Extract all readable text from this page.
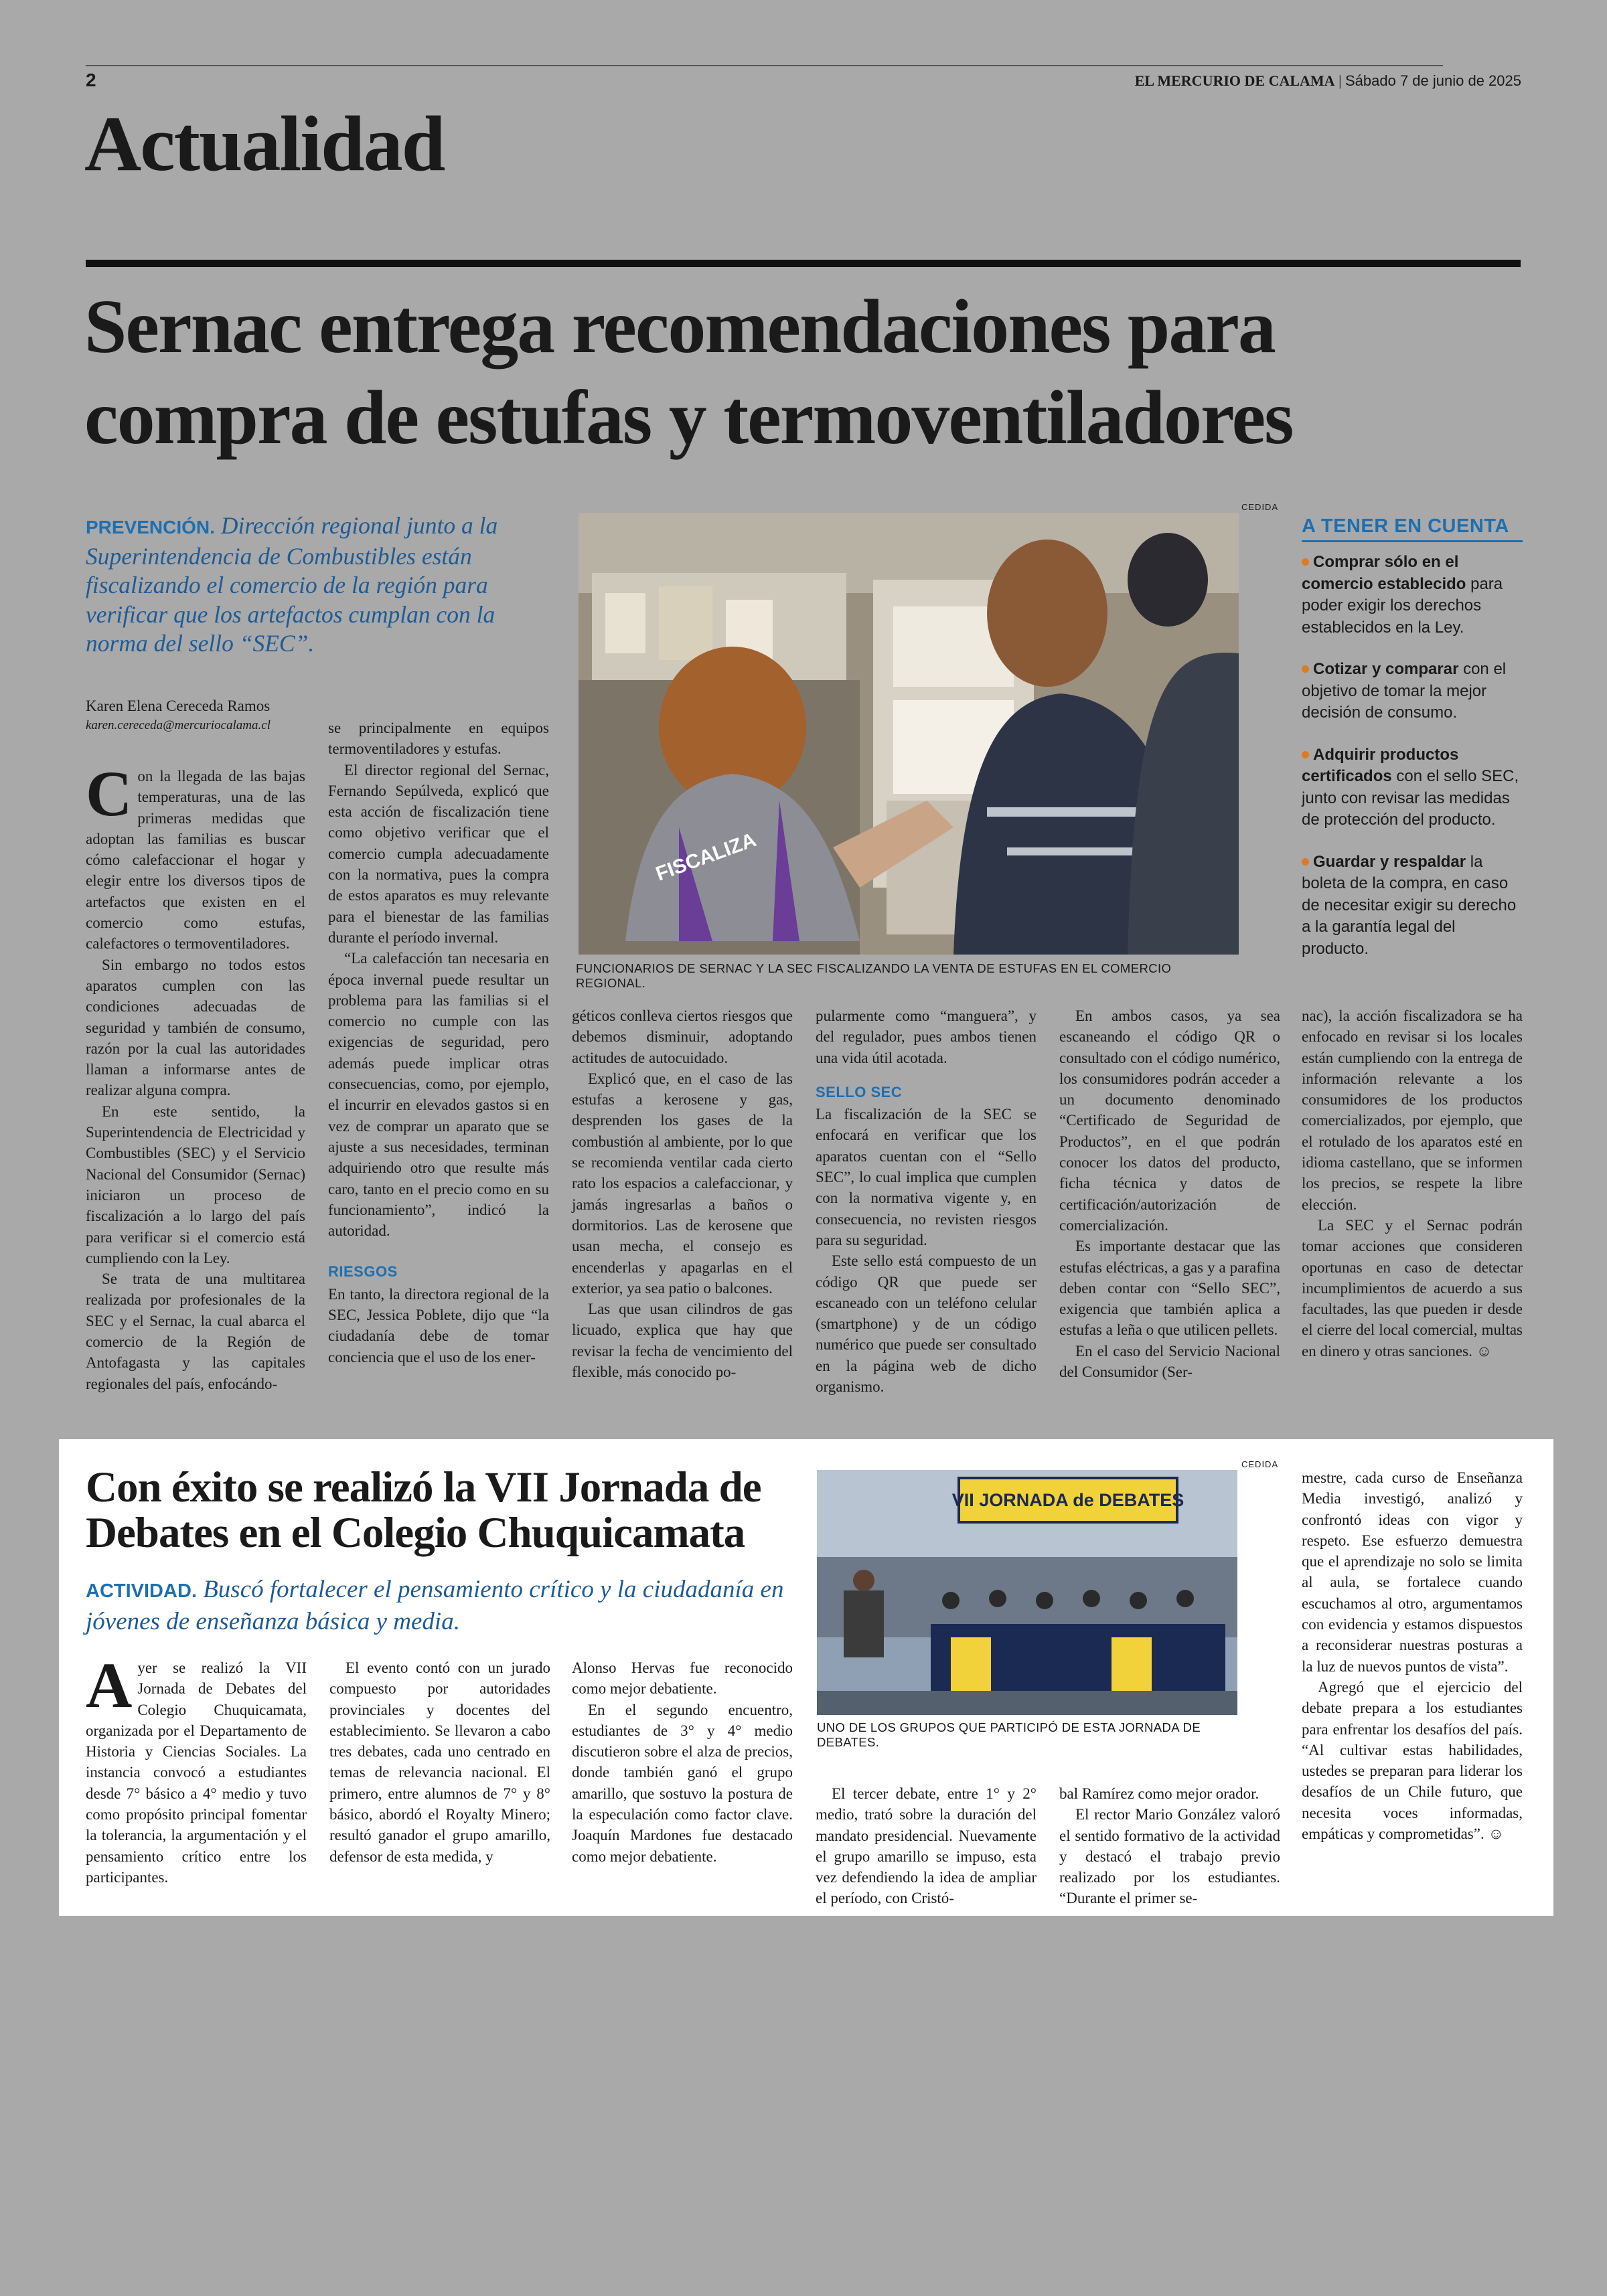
2	EL MERCURIO DE CALAMA | Sábado 7 de junio de 2025
Actualidad
Sernac entrega recomendaciones para
compra de estufas y termoventiladores
PREVENCIÓN. Dirección regional junto a la Superintendencia de Combustibles están fiscalizando el comercio de la región para verificar que los artefactos cumplan con la norma del sello “SEC”.
Karen Elena Cereceda Ramos
karen.cereceda@mercuriocalama.cl

Con la llegada de las bajas temperaturas, una de las primeras medidas que adoptan las familias es buscar cómo calefaccionar el hogar y elegir entre los diversos tipos de artefactos que existen en el comercio como estufas, calefactores o termoventiladores.

Sin embargo no todos estos aparatos cumplen con las condiciones adecuadas de seguridad y también de consumo, razón por la cual las autoridades llaman a informarse antes de realizar alguna compra.

En este sentido, la Superintendencia de Electricidad y Combustibles (SEC) y el Servicio Nacional del Consumidor (Sernac) iniciaron un proceso de fiscalización a lo largo del país para verificar si el comercio está cumpliendo con la Ley.

Se trata de una multitarea realizada por profesionales de la SEC y el Sernac, la cual abarca el comercio de la Región de Antofagasta y las capitales regionales del país, enfocándo-

se principalmente en equipos termoventiladores y estufas.

El director regional del Sernac, Fernando Sepúlveda, explicó que esta acción de fiscalización tiene como objetivo verificar que el comercio cumpla adecuadamente con la normativa, pues la compra de estos aparatos es muy relevante para el bienestar de las familias durante el período invernal.

“La calefacción tan necesaria en época invernal puede resultar un problema para las familias si el comercio no cumple con las exigencias de seguridad, pero además puede implicar otras consecuencias, como, por ejemplo, el incurrir en elevados gastos si en vez de comprar un aparato que se ajuste a sus necesidades, terminan adquiriendo otro que resulte más caro, tanto en el precio como en su funcionamiento”, indicó la autoridad.

RIESGOS

En tanto, la directora regional de la SEC, Jessica Poblete, dijo que “la ciudadanía debe de tomar conciencia que el uso de los ener-

CEDIDA
FISCALIZA
FUNCIONARIOS DE SERNAC Y LA SEC FISCALIZANDO LA VENTA DE ESTUFAS EN EL COMERCIO REGIONAL.
A TENER EN CUENTA

Comprar sólo en el comercio establecido para poder exigir los derechos establecidos en la Ley.

Cotizar y comparar con el objetivo de tomar la mejor decisión de consumo.

Adquirir productos certificados con el sello SEC, junto con revisar las medidas de protección del producto.

Guardar y respaldar la boleta de la compra, en caso de necesitar exigir su derecho a la garantía legal del producto.

géticos conlleva ciertos riesgos que debemos disminuir, adoptando actitudes de autocuidado.

Explicó que, en el caso de las estufas a kerosene y gas, desprenden los gases de la combustión al ambiente, por lo que se recomienda ventilar cada cierto rato los espacios a calefaccionar, y jamás ingresarlas a baños o dormitorios. Las de kerosene que usan mecha, el consejo es encenderlas y apagarlas en el exterior, ya sea patio o balcones.

Las que usan cilindros de gas licuado, explica que hay que revisar la fecha de vencimiento del flexible, más conocido po-

pularmente como “manguera”, y del regulador, pues ambos tienen una vida útil acotada.

SELLO SEC

La fiscalización de la SEC se enfocará en verificar que los aparatos cuentan con el “Sello SEC”, lo cual implica que cumplen con la normativa vigente y, en consecuencia, no revisten riesgos para su seguridad.

Este sello está compuesto de un código QR que puede ser escaneado con un teléfono celular (smartphone) y de un código numérico que puede ser consultado en la página web de dicho organismo.

En ambos casos, ya sea escaneando el código QR o consultado con el código numérico, los consumidores podrán acceder a un documento denominado “Certificado de Seguridad de Productos”, en el que podrán conocer los datos del producto, ficha técnica y datos de certificación/autorización de comercialización.

Es importante destacar que las estufas eléctricas, a gas y a parafina deben contar con “Sello SEC”, exigencia que también aplica a estufas a leña o que utilicen pellets.

En el caso del Servicio Nacional del Consumidor (Ser-

nac), la acción fiscalizadora se ha enfocado en revisar si los locales están cumpliendo con la entrega de información relevante a los consumidores de los productos comercializados, por ejemplo, que el rotulado de los aparatos esté en idioma castellano, que se informen los precios, se respete la libre elección.

La SEC y el Sernac podrán tomar acciones que consideren oportunas en caso de detectar incumplimientos de acuerdo a sus facultades, las que pueden ir desde el cierre del local comercial, multas en dinero y otras sanciones. ☺

Con éxito se realizó la VII Jornada de
Debates en el Colegio Chuquicamata
ACTIVIDAD. Buscó fortalecer el pensamiento crítico y la ciudadanía en jóvenes de enseñanza básica y media.
CEDIDA
VII JORNADA de DEBATES
UNO DE LOS GRUPOS QUE PARTICIPÓ DE ESTA JORNADA DE DEBATES.

Ayer se realizó la VII Jornada de Debates del Colegio Chuquicamata, organizada por el Departamento de Historia y Ciencias Sociales. La instancia convocó a estudiantes desde 7° básico a 4° medio y tuvo como propósito principal fomentar la tolerancia, la argumentación y el pensamiento crítico entre los participantes.

El evento contó con un jurado compuesto por autoridades provinciales y docentes del establecimiento. Se llevaron a cabo tres debates, cada uno centrado en temas de relevancia nacional. El primero, entre alumnos de 7° y 8° básico, abordó el Royalty Minero; resultó ganador el grupo amarillo, defensor de esta medida, y

Alonso Hervas fue reconocido como mejor debatiente.

En el segundo encuentro, estudiantes de 3° y 4° medio discutieron sobre el alza de precios, donde también ganó el grupo amarillo, que sostuvo la postura de la especulación como factor clave. Joaquín Mardones fue destacado como mejor debatiente.

El tercer debate, entre 1° y 2° medio, trató sobre la duración del mandato presidencial. Nuevamente el grupo amarillo se impuso, esta vez defendiendo la idea de ampliar el período, con Cristó-

bal Ramírez como mejor orador.

El rector Mario González valoró el sentido formativo de la actividad y destacó el trabajo previo realizado por los estudiantes. “Durante el primer se-

mestre, cada curso de Enseñanza Media investigó, analizó y confrontó ideas con vigor y respeto. Ese esfuerzo demuestra que el aprendizaje no solo se limita al aula, se fortalece cuando escuchamos al otro, argumentamos con evidencia y estamos dispuestos a reconsiderar nuestras posturas a la luz de nuevos puntos de vista”.

Agregó que el ejercicio del debate prepara a los estudiantes para enfrentar los desafíos del país. “Al cultivar estas habilidades, ustedes se preparan para liderar los desafíos de un Chile futuro, que necesita voces informadas, empáticas y comprometidas”. ☺
